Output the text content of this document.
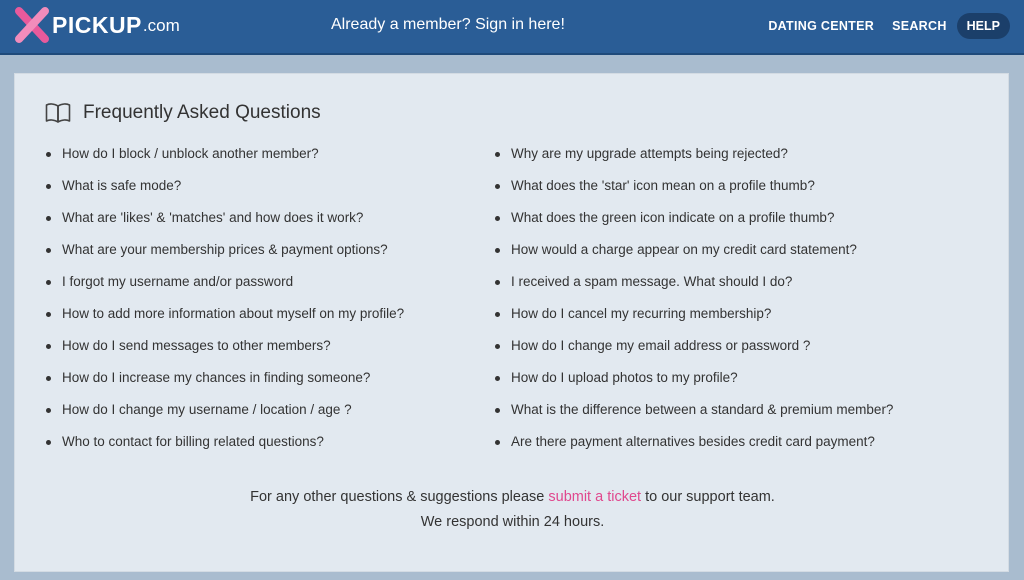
PICKUP .com	Already a member? Sign in here!	DATING CENTER SEARCH	HELP
Frequently Asked Questions
How do I block / unblock another member?
What is safe mode?
What are 'likes' & 'matches' and how does it work?
What are your membership prices & payment options?
I forgot my username and/or password
How to add more information about myself on my profile?
How do I send messages to other members?
How do I increase my chances in finding someone?
How do I change my username / location / age ?
Who to contact for billing related questions?
Why are my upgrade attempts being rejected?
What does the 'star' icon mean on a profile thumb?
What does the green icon indicate on a profile thumb?
How would a charge appear on my credit card statement?
I received a spam message. What should I do?
How do I cancel my recurring membership?
How do I change my email address or password ?
How do I upload photos to my profile?
What is the difference between a standard & premium member?
Are there payment alternatives besides credit card payment?
For any other questions & suggestions please submit a ticket to our support team.
We respond within 24 hours.
